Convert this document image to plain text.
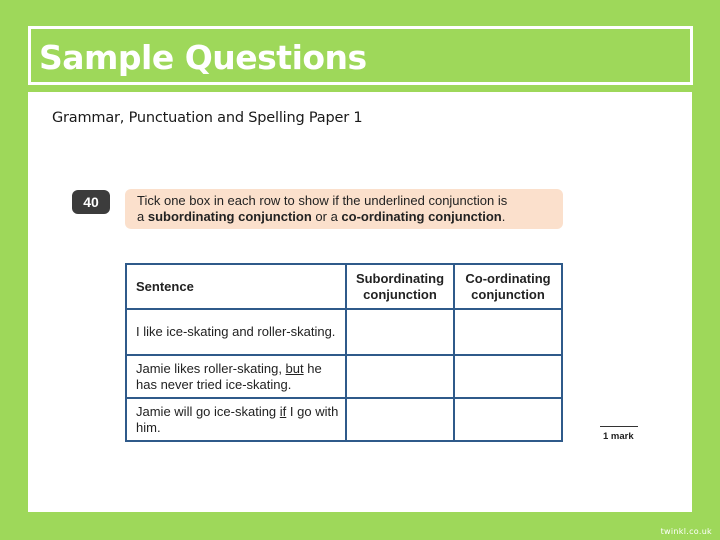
Sample Questions
Grammar, Punctuation and Spelling Paper 1
40	Tick one box in each row to show if the underlined conjunction is
a subordinating conjunction or a co-ordinating conjunction.
Sentence	Subordinating conjunction	Co-ordinating conjunction
I like ice-skating and roller-skating.		
Jamie likes roller-skating, but he has never tried ice-skating.		
Jamie will go ice-skating if I go with him.		
1 mark
twinkl.co.uk
